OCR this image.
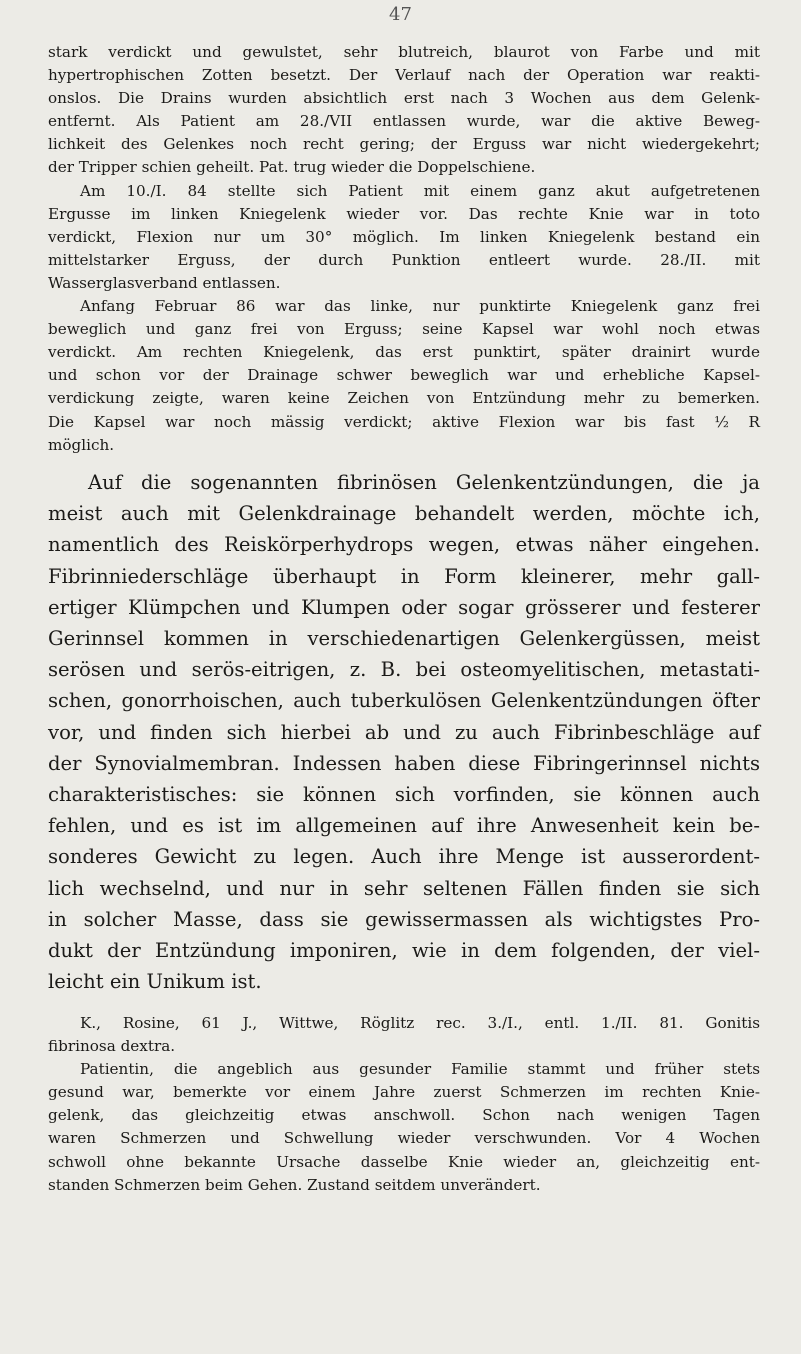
47
stark verdickt und gewulstet, sehr blutreich, blaurot von Farbe und mit
hypertrophischen Zotten besetzt. Der Verlauf nach der Operation war reakti-
onslos. Die Drains wurden absichtlich erst nach 3 Wochen aus dem Gelenk-
entfernt. Als Patient am 28./VII entlassen wurde, war die aktive Beweg-
lichkeit des Gelenkes noch recht gering; der Erguss war nicht wiedergekehrt;
der Tripper schien geheilt. Pat. trug wieder die Doppelschiene.
Am 10./I. 84 stellte sich Patient mit einem ganz akut aufgetretenen
Ergusse im linken Kniegelenk wieder vor. Das rechte Knie war in toto
verdickt, Flexion nur um 30° möglich. Im linken Kniegelenk bestand ein
mittelstarker Erguss, der durch Punktion entleert wurde. 28./II. mit
Wasserglasverband entlassen.
Anfang Februar 86 war das linke, nur punktirte Kniegelenk ganz frei
beweglich und ganz frei von Erguss; seine Kapsel war wohl noch etwas
verdickt. Am rechten Kniegelenk, das erst punktirt, später drainirt wurde
und schon vor der Drainage schwer beweglich war und erhebliche Kapsel-
verdickung zeigte, waren keine Zeichen von Entzündung mehr zu bemerken.
Die Kapsel war noch mässig verdickt; aktive Flexion war bis fast ½ R
möglich.
Auf die sogenannten fibrinösen Gelenkentzündungen, die ja
meist auch mit Gelenkdrainage behandelt werden, möchte ich,
namentlich des Reiskörperhydrops wegen, etwas näher eingehen.
Fibrinniederschläge überhaupt in Form kleinerer, mehr gall-
ertiger Klümpchen und Klumpen oder sogar grösserer und festerer
Gerinnsel kommen in verschiedenartigen Gelenkergüssen, meist
serösen und serös-eitrigen, z. B. bei osteomyelitischen, metastati-
schen, gonorrhoischen, auch tuberkulösen Gelenkentzündungen öfter
vor, und finden sich hierbei ab und zu auch Fibrinbeschläge auf
der Synovialmembran. Indessen haben diese Fibringerinnsel nichts
charakteristisches: sie können sich vorfinden, sie können auch
fehlen, und es ist im allgemeinen auf ihre Anwesenheit kein be-
sonderes Gewicht zu legen. Auch ihre Menge ist ausserordent-
lich wechselnd, und nur in sehr seltenen Fällen finden sie sich
in solcher Masse, dass sie gewissermassen als wichtigstes Pro-
dukt der Entzündung imponiren, wie in dem folgenden, der viel-
leicht ein Unikum ist.
K., Rosine, 61 J., Wittwe, Röglitz rec. 3./I., entl. 1./II. 81. Gonitis
fibrinosa dextra.
Patientin, die angeblich aus gesunder Familie stammt und früher stets
gesund war, bemerkte vor einem Jahre zuerst Schmerzen im rechten Knie-
gelenk, das gleichzeitig etwas anschwoll. Schon nach wenigen Tagen
waren Schmerzen und Schwellung wieder verschwunden. Vor 4 Wochen
schwoll ohne bekannte Ursache dasselbe Knie wieder an, gleichzeitig ent-
standen Schmerzen beim Gehen. Zustand seitdem unverändert.
